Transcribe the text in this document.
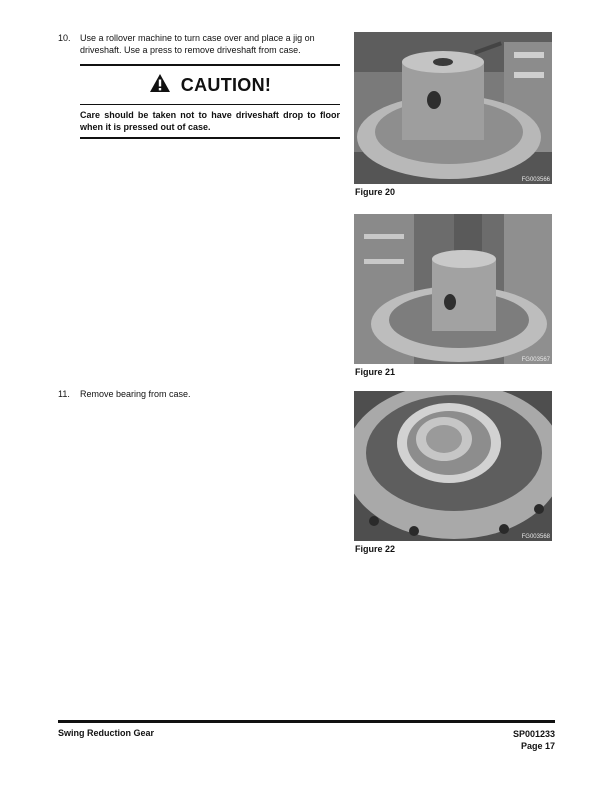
10. Use a rollover machine to turn case over and place a jig on driveshaft. Use a press to remove driveshaft from case.
CAUTION!
Care should be taken not to have driveshaft drop to floor when it is pressed out of case.
11. Remove bearing from case.
FG003566
Figure 20
FG003567
Figure 21
FG003568
Figure 22
Swing Reduction Gear	SP001233
Page 17
